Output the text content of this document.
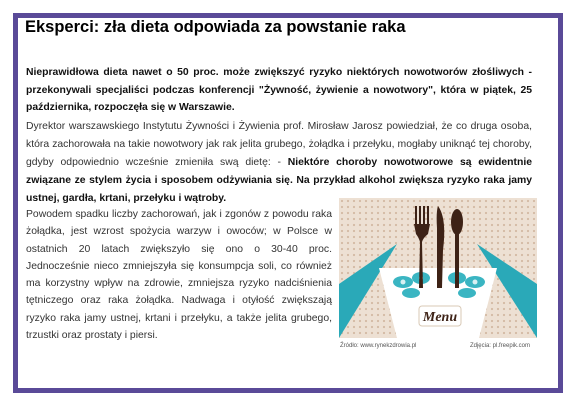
Eksperci: zła dieta odpowiada za powstanie raka

Nieprawidłowa dieta nawet o 50 proc. może zwiększyć ryzyko niektórych nowotworów złośliwych - przekonywali specjaliści podczas konferencji "Żywność, żywienie a nowotwory", która w piątek, 25 października, rozpoczęła się w Warszawie.

Dyrektor warszawskiego Instytutu Żywności i Żywienia prof. Mirosław Jarosz powiedział, że co druga osoba, która zachorowała na takie nowotwory jak rak jelita grubego, żołądka i przełyku, mogłaby uniknąć tej choroby, gdyby odpowiednio wcześnie zmieniła swą dietę: - Niektóre choroby nowotworowe są ewidentnie związane ze stylem życia i sposobem odżywiania się. Na przykład alkohol zwiększa ryzyko raka jamy ustnej, gardła, krtani, przełyku i wątroby.

Powodem spadku liczby zachorowań, jak i zgonów z powodu raka żołądka, jest wzrost spożycia warzyw i owoców; w Polsce w ostatnich 20 latach zwiększyło się ono o 30-40 proc. Jednocześnie nieco zmniejszyła się konsumpcja soli, co również ma korzystny wpływ na zdrowie, zmniejsza ryzyko nadciśnienia tętniczego oraz raka żołądka. Nadwaga i otyłość zwiększają ryzyko raka jamy ustnej, krtani i przełyku, a także jelita grubego, trzustki oraz prostaty i piersi.

Menu
Źródło: www.rynekzdrowia.pl	Zdjęcia: pl.freepik.com
